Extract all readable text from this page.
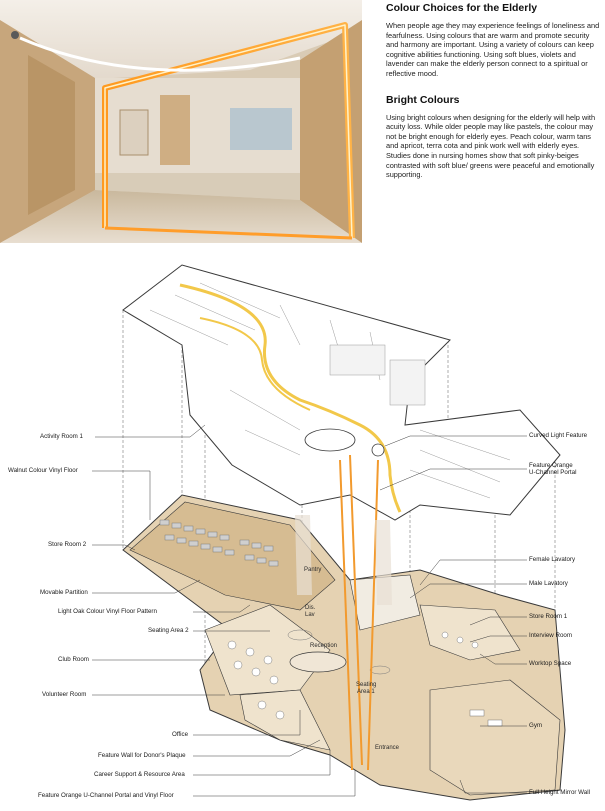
Colour Choices for the Elderly

When people age they may experience feelings of loneliness and fearfulness. Using colours that are warm and promote security and harmony are important. Using a variety of colours can keep cognitive abilities functioning. Using soft blues, violets and lavender can make the elderly person connect to a spiritual or reflective mood.

Bright Colours

Using bright colours when designing for the elderly will help with acuity loss. While older people may like pastels, the colour may not be bright enough for elderly eyes. Peach colour, warm tans and apricot, terra cota and pink work well with elderly eyes. Studies done in nursing homes show that soft pinky-beiges contrasted with soft blue/ greens were peaceful and emotionally supporting.

Pantry
Dis.
Lav
Reception
Seating
Area 1
Entrance
Activity Room 1
Walnut Colour Vinyl Floor
Store Room 2
Movable Partition
Light Oak Colour Vinyl Floor Pattern
Seating Area 2
Club Room
Volunteer Room
Office
Feature Wall for Donor's Plaque
Career Support & Resource Area
Feature Orange U-Channel Portal and Vinyl Floor
Curved Light Feature
Feature Orange
U-Channel Portal
Female Lavatory
Male Lavatory
Store Room 1
Interview Room
Worktop Space
Gym
Full Height Mirror Wall
